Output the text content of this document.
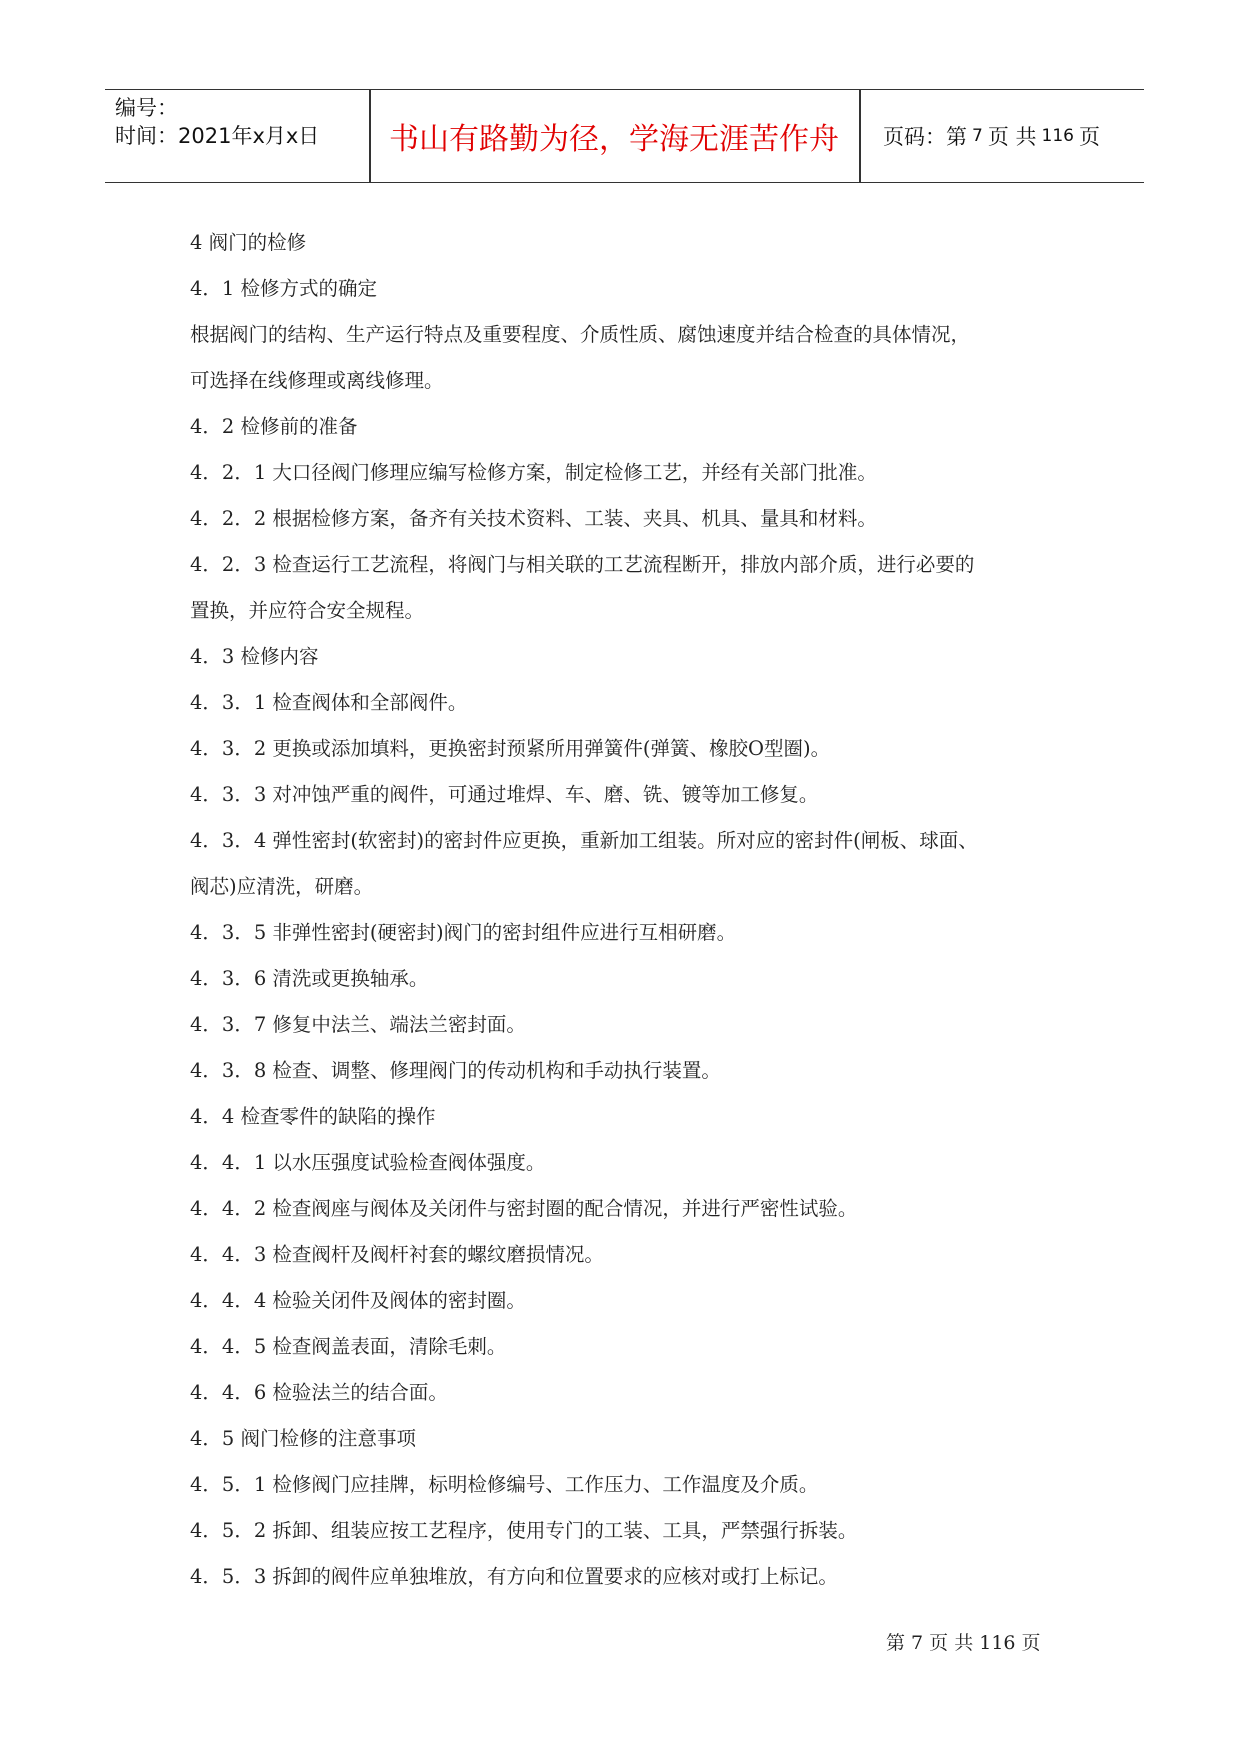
编号：
时间：2021年x月x日	书山有路勤为径，学海无涯苦作舟	页码：第 7 页 共 116 页
4 阀门的检修
4．1 检修方式的确定
根据阀门的结构、生产运行特点及重要程度、介质性质、腐蚀速度并结合检查的具体情况，
可选择在线修理或离线修理。
4．2 检修前的准备
4．2．1 大口径阀门修理应编写检修方案，制定检修工艺，并经有关部门批准。
4．2．2 根据检修方案，备齐有关技术资料、工装、夹具、机具、量具和材料。
4．2．3 检查运行工艺流程，将阀门与相关联的工艺流程断开，排放内部介质，进行必要的
置换，并应符合安全规程。
4．3 检修内容
4．3．1 检查阀体和全部阀件。
4．3．2 更换或添加填料，更换密封预紧所用弹簧件(弹簧、橡胶O型圈)。
4．3．3 对冲蚀严重的阀件，可通过堆焊、车、磨、铣、镀等加工修复。
4．3．4 弹性密封(软密封)的密封件应更换，重新加工组装。所对应的密封件(闸板、球面、
阀芯)应清洗，研磨。
4．3．5 非弹性密封(硬密封)阀门的密封组件应进行互相研磨。
4．3．6 清洗或更换轴承。
4．3．7 修复中法兰、端法兰密封面。
4．3．8 检查、调整、修理阀门的传动机构和手动执行装置。
4．4 检查零件的缺陷的操作
4．4．1 以水压强度试验检查阀体强度。
4．4．2 检查阀座与阀体及关闭件与密封圈的配合情况，并进行严密性试验。
4．4．3 检查阀杆及阀杆衬套的螺纹磨损情况。
4．4．4 检验关闭件及阀体的密封圈。
4．4．5 检查阀盖表面，清除毛刺。
4．4．6 检验法兰的结合面。
4．5 阀门检修的注意事项
4．5．1 检修阀门应挂牌，标明检修编号、工作压力、工作温度及介质。
4．5．2 拆卸、组装应按工艺程序，使用专门的工装、工具，严禁强行拆装。
4．5．3 拆卸的阀件应单独堆放，有方向和位置要求的应核对或打上标记。
第 7 页 共 116 页
